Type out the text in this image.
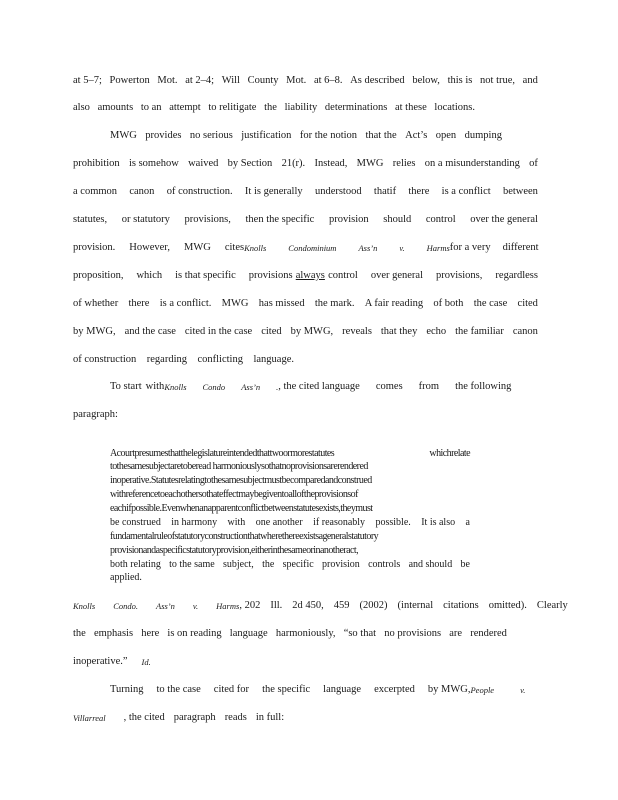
at 5–7; Powerton Mot. at 2–4; Will County Mot. at 6–8. As described below, this is not true, and
also amounts to an attempt to relitigate the liability determinations at these locations.
MWG provides no serious justification for the notion that the Act’s open dumping
prohibition is somehow waived by Section 21(r). Instead, MWG relies on a misunderstanding of
a common canon of construction. It is generally understood thatif there is a conflict between
statutes, or statutory provisions, then the specific provision should control over the general
provision. However, MWG cites Knolls	Condominium	Ass’n	v.	Harms for a very different
proposition, which is that specific provisions always control over general provisions, regardless
of whether there is a conflict. MWG has missed the mark. A fair reading of both the case cited
by MWG, and the case cited in the case cited by MWG, reveals that they echo the familiar canon
of construction regarding conflicting language.
To start with Knolls Condo Ass’n . , the cited language comes from the following
paragraph:
Acourtpresumesthatthelegislatureintendedthattwoormorestatutes	whichrelate
tothesamesubjectaretoberead harmoniouslysothatnoprovisionsarerendered
inoperative.Statutesrelatingtothesamesubjectmustbecomparedandconstrued
withreferencetoeachothersothateffectmaybegiventoalloftheprovisionsof
eachifpossible.Evenwhenanapparentconflictbetweenstatutesexists,theymust
be construed in harmony with one another if reasonably possible. It is also a
fundamentalruleofstatutoryconstructionthatwherethereexistsageneralstatutory
provisionandaspecificstatutoryprovision,eitherinthesameorinanotheract,
both relating to the same subject, the specific provision controls and should be
applied.
Knolls Condo. Ass’n v. Harms , 202 Ill. 2d 450, 459 (2002) (internal citations omitted). Clearly
the emphasis here is on reading language harmoniously, “so that no provisions are rendered
inoperative.” Id.
Turning to the case cited for the specific language excerpted by MWG, People	v.
Villarreal , the cited paragraph reads in full:
